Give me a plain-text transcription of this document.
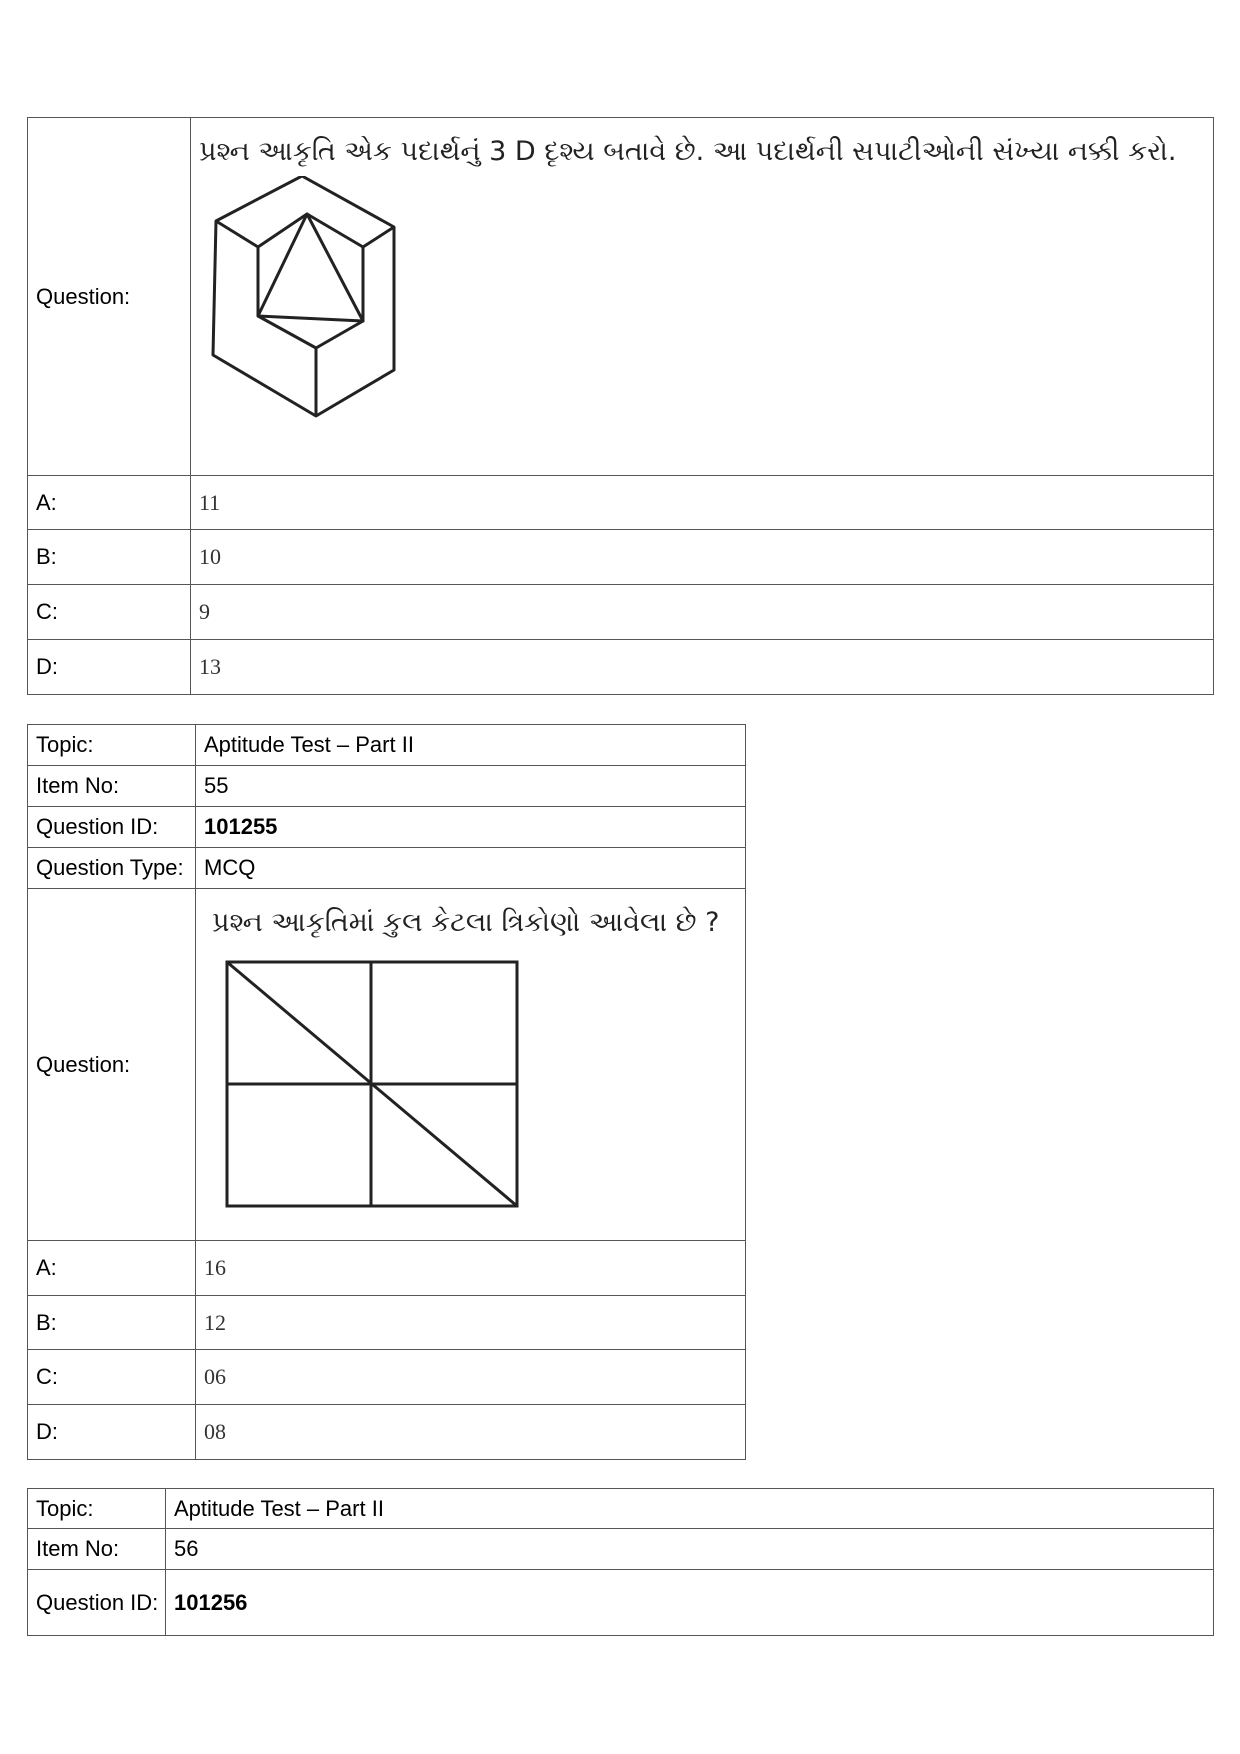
Question:	પ્રશ્ન આકૃતિ એક પદાર્થનું 3 D દૃશ્ય બતાવે છે. આ પદાર્થની સપાટીઓની સંખ્યા નક્કી કરો.

A:	11
B:	10
C:	9
D:	13
Topic:	Aptitude Test – Part II
Item No:	55
Question ID:	101255
Question Type:	MCQ
Question:	પ્રશ્ન આકૃતિમાં કુલ કેટલા ત્રિકોણો આવેલા છે ?

A:	16
B:	12
C:	06
D:	08
Topic:	Aptitude Test – Part II
Item No:	56
Question ID:	101256
